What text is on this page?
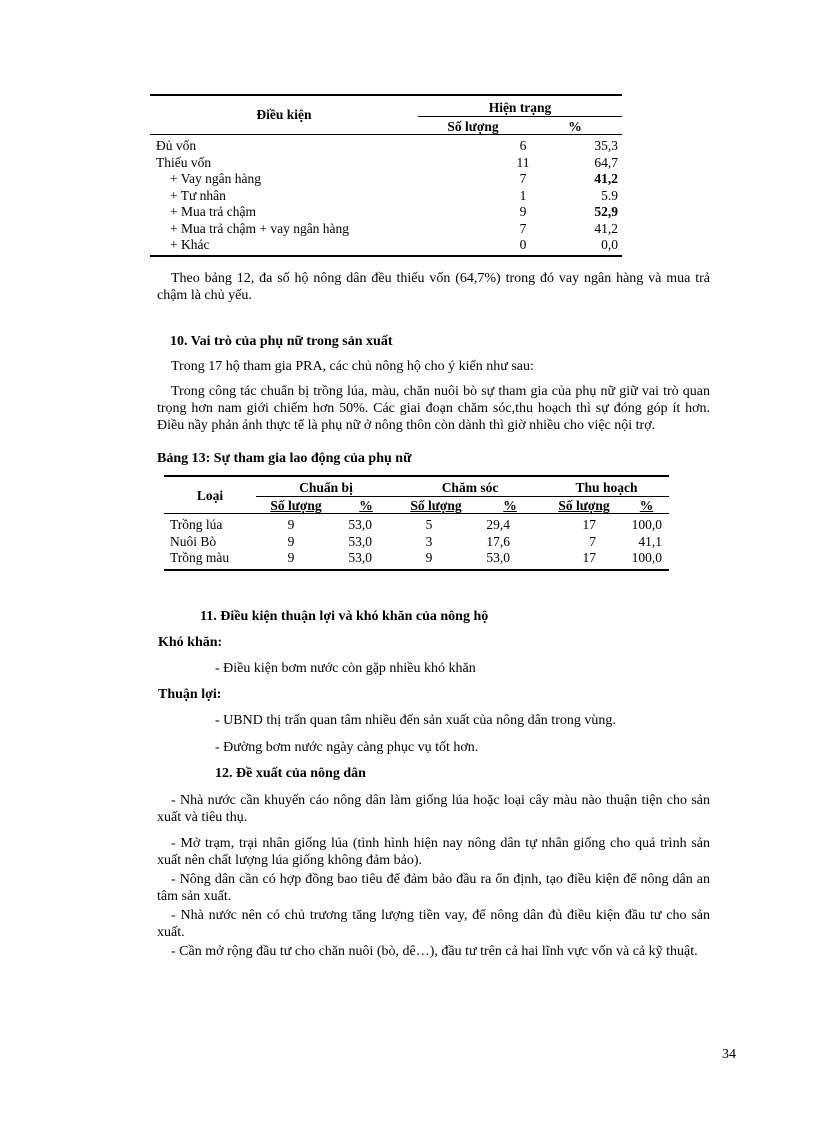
Điều kiện	Hiện trạng
Số lượng	%
Đủ vốn	6	35,3
Thiếu vốn	11	64,7
+ Vay ngân hàng	7	41,2
+ Tư nhân	1	5.9
+ Mua trả chậm	9	52,9
+ Mua trả chậm + vay ngân hàng	7	41,2
+ Khác	0	0,0
Theo bảng 12, đa số hộ nông dân đều thiếu vốn (64,7%) trong đó vay ngân hàng và mua trả chậm là chủ yếu.
10. Vai trò của phụ nữ trong sản xuất
Trong 17 hộ tham gia PRA, các chủ nông hộ cho ý kiến như sau:
Trong công tác chuẩn bị trồng lúa, màu, chăn nuôi bò sự tham gia của phụ nữ giữ vai trò quan trọng hơn nam giới chiếm hơn 50%. Các giai đoạn chăm sóc,thu hoạch thì sự đóng góp ít hơn. Điều nầy phản ảnh thực tế là phụ nữ ở nông thôn còn dành thì giờ nhiều cho việc nội trợ.
Bảng 13: Sự tham gia lao động của phụ nữ
Loại
Chuẩn bị	Chăm sóc	Thu hoạch
Số lượng	%	Số lượng	%	Số lượng	%
Trồng lúa	9	53,0	5	29,4	17	100,0
Nuôi Bò	9	53,0	3	17,6	7	41,1
Trồng màu	9	53,0	9	53,0	17	100,0
11. Điều kiện thuận lợi và khó khăn của nông hộ
Khó khăn:
- Điều kiện bơm nước còn gặp nhiều khó khăn
Thuận lợi:
- UBND thị trấn quan tâm nhiều đến sản xuất của nông dân trong vùng.
- Đường bơm nước ngày càng phục vụ tốt hơn.
12. Đề xuất của nông dân
- Nhà nước cần khuyến cáo nông dân làm giống lúa hoặc loại cây màu nào thuận tiện cho sản xuất và tiêu thụ.
- Mở trạm, trại nhân giống lúa (tình hình hiện nay nông dân tự nhân giống cho quá trình sản xuất nên chất lượng lúa giống không đảm bảo).
- Nông dân cần có hợp đồng bao tiêu để đảm bảo đầu ra ổn định, tạo điều kiện để nông dân an tâm sản xuất.
- Nhà nước nên có chủ trương tăng lượng tiền vay, để nông dân đủ điều kiện đầu tư cho sản xuất.
- Cần mở rộng đầu tư cho chăn nuôi (bò, dê…), đầu tư trên cả hai lĩnh vực vốn và cả kỹ thuật.
34
